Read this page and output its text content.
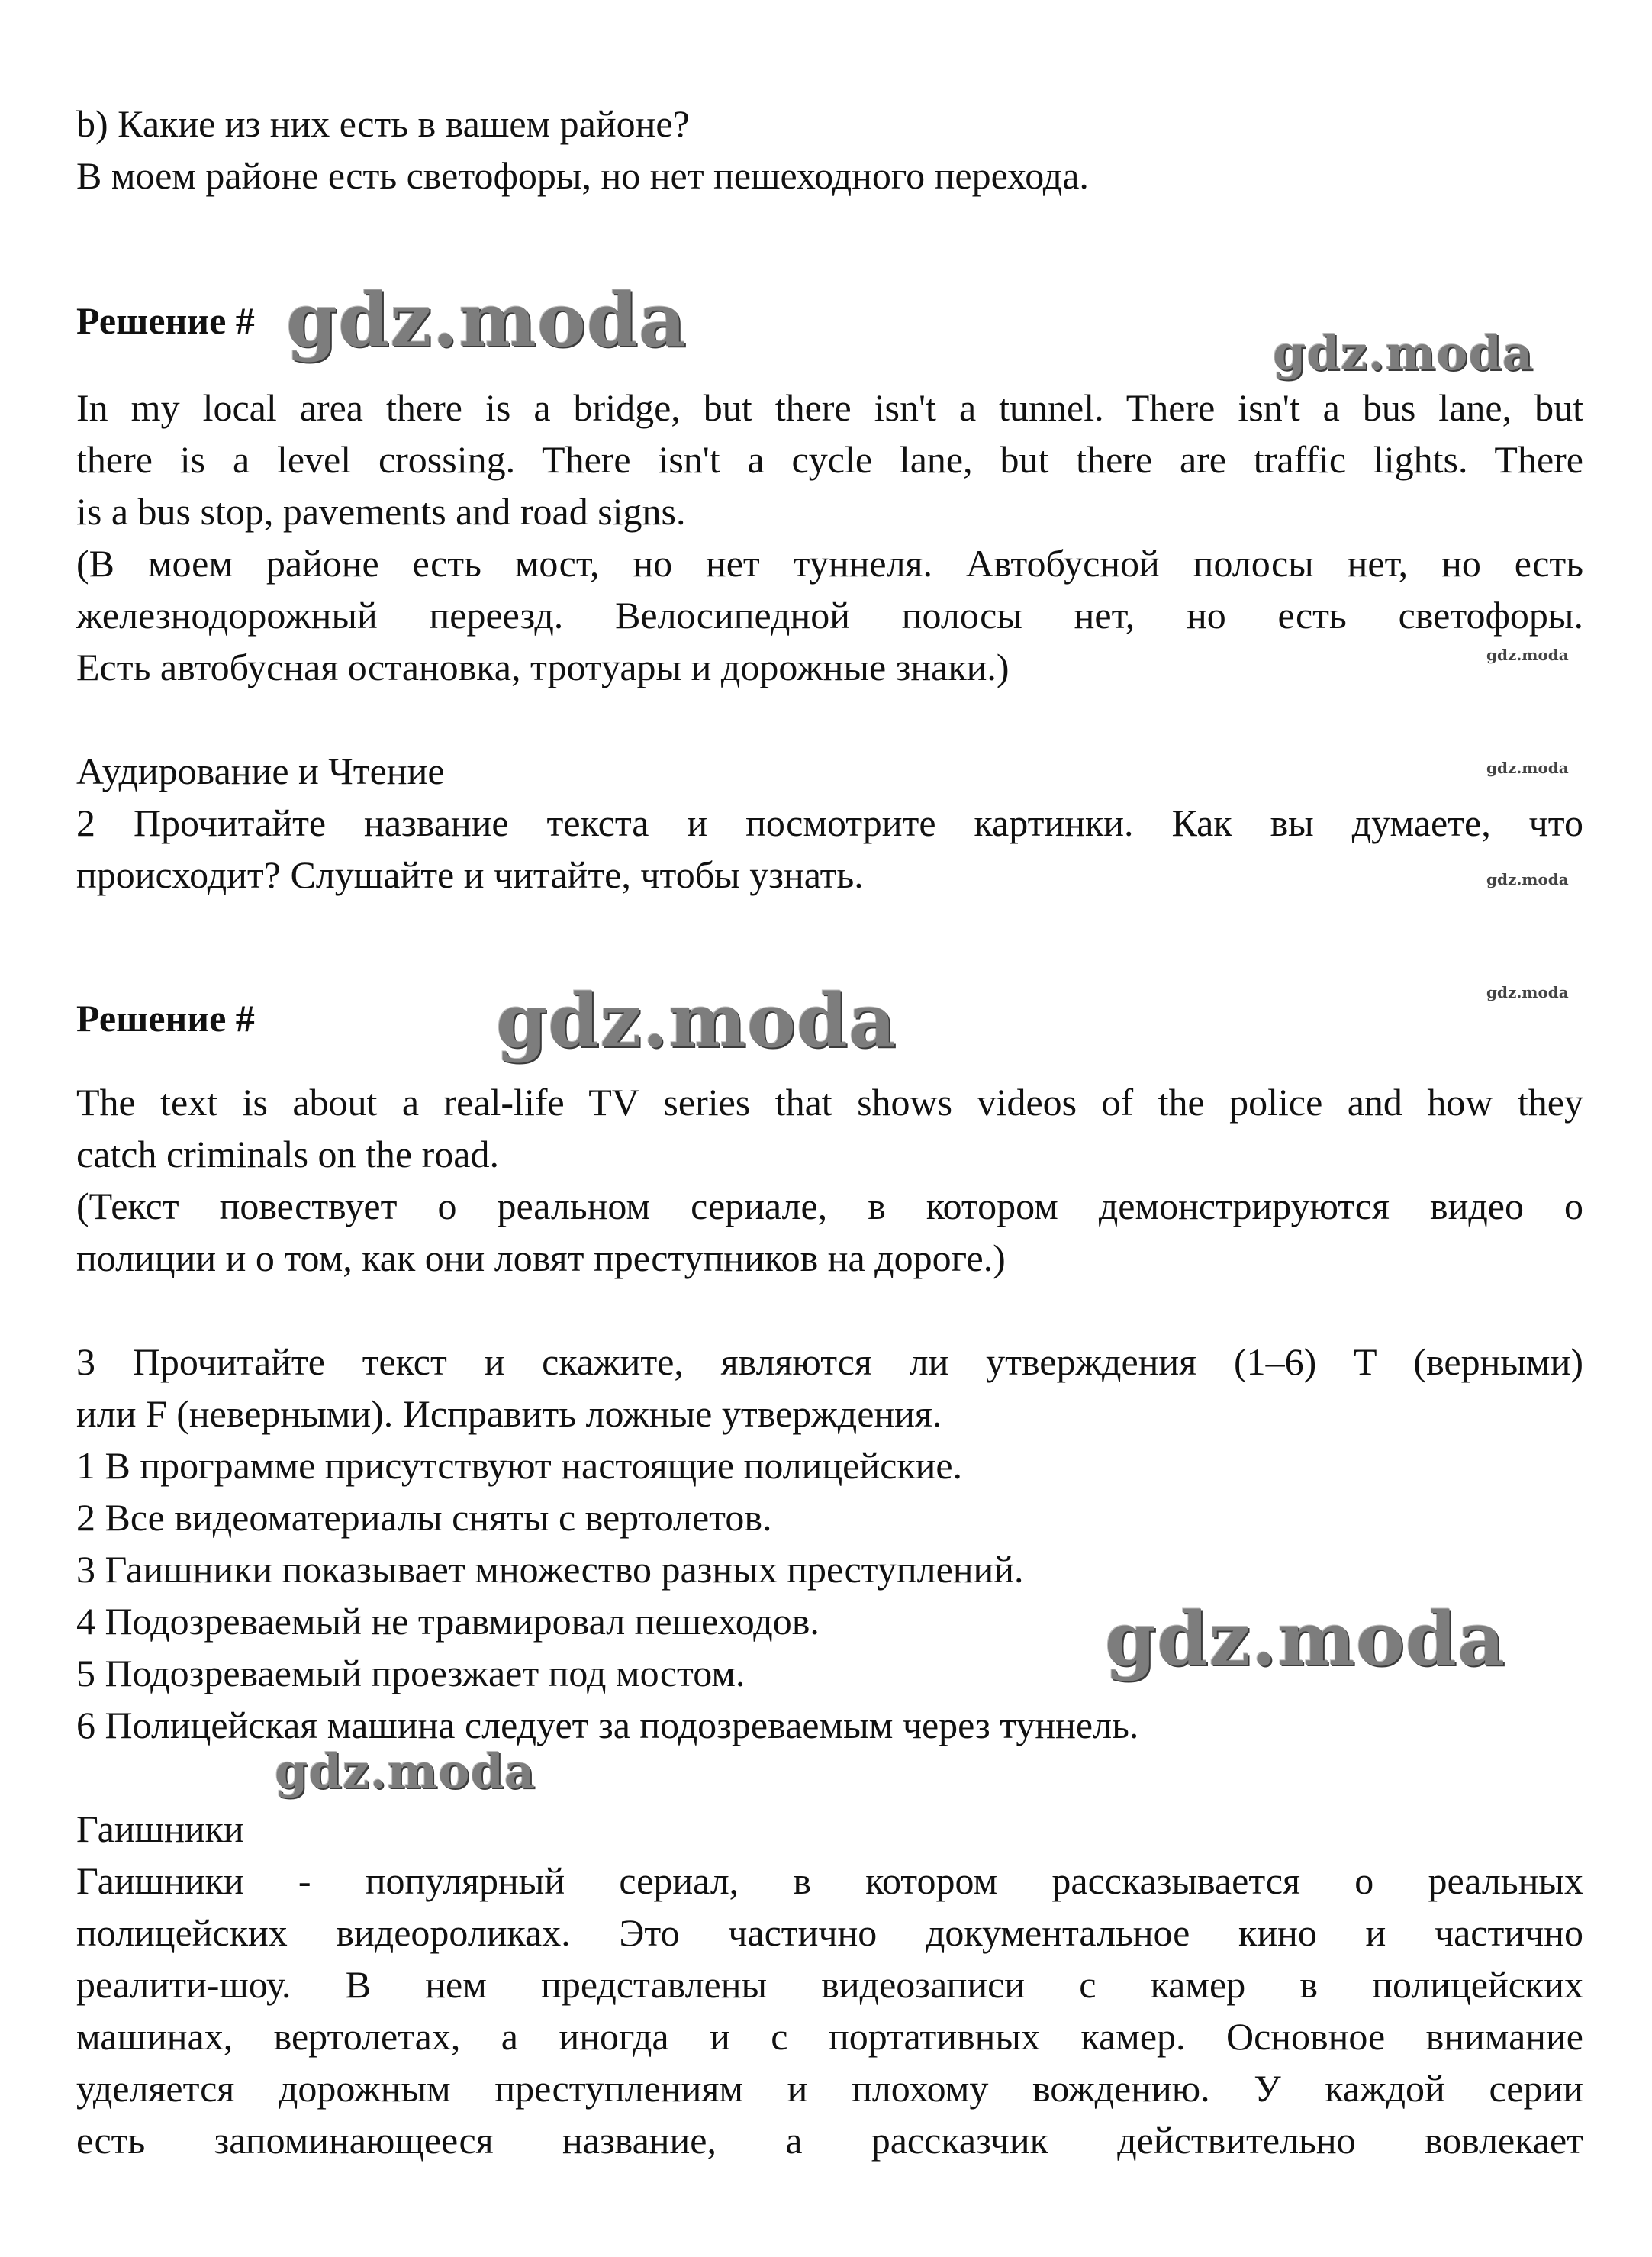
b) Какие из них есть в вашем районе?
В моем районе есть светофоры, но нет пешеходного перехода.
Решение #
In my local area there is a bridge, but there isn't a tunnel. There isn't a bus lane, but
there is a level crossing. There isn't a cycle lane, but there are traffic lights. There
is a bus stop, pavements and road signs.
(В моем районе есть мост, но нет туннеля. Автобусной полосы нет, но есть
железнодорожный переезд. Велосипедной полосы нет, но есть светофоры.
Есть автобусная остановка, тротуары и дорожные знаки.)
Аудирование и Чтение
2 Прочитайте название текста и посмотрите картинки. Как вы думаете, что
происходит? Слушайте и читайте, чтобы узнать.
Решение #
The text is about a real-life TV series that shows videos of the police and how they
catch criminals on the road.
(Текст повествует о реальном сериале, в котором демонстрируются видео о
полиции и о том, как они ловят преступников на дороге.)
3 Прочитайте текст и скажите, являются ли утверждения (1–6) T (верными)
или F (неверными). Исправить ложные утверждения.
1 В программе присутствуют настоящие полицейские.
2 Все видеоматериалы сняты с вертолетов.
3 Гаишники показывает множество разных преступлений.
4 Подозреваемый не травмировал пешеходов.
5 Подозреваемый проезжает под мостом.
6 Полицейская машина следует за подозреваемым через туннель.
Гаишники
Гаишники - популярный сериал, в котором рассказывается о реальных
полицейских видеороликах. Это частично документальное кино и частично
реалити-шоу. В нем представлены видеозаписи с камер в полицейских
машинах, вертолетах, а иногда и с портативных камер. Основное внимание
уделяется дорожным преступлениям и плохому вождению. У каждой серии
есть запоминающееся название, а рассказчик действительно вовлекает
gdz.moda	gdz.moda
gdz.moda
gdz.moda
gdz.moda
gdz.moda
gdz.moda
gdz.moda
gdz.moda
